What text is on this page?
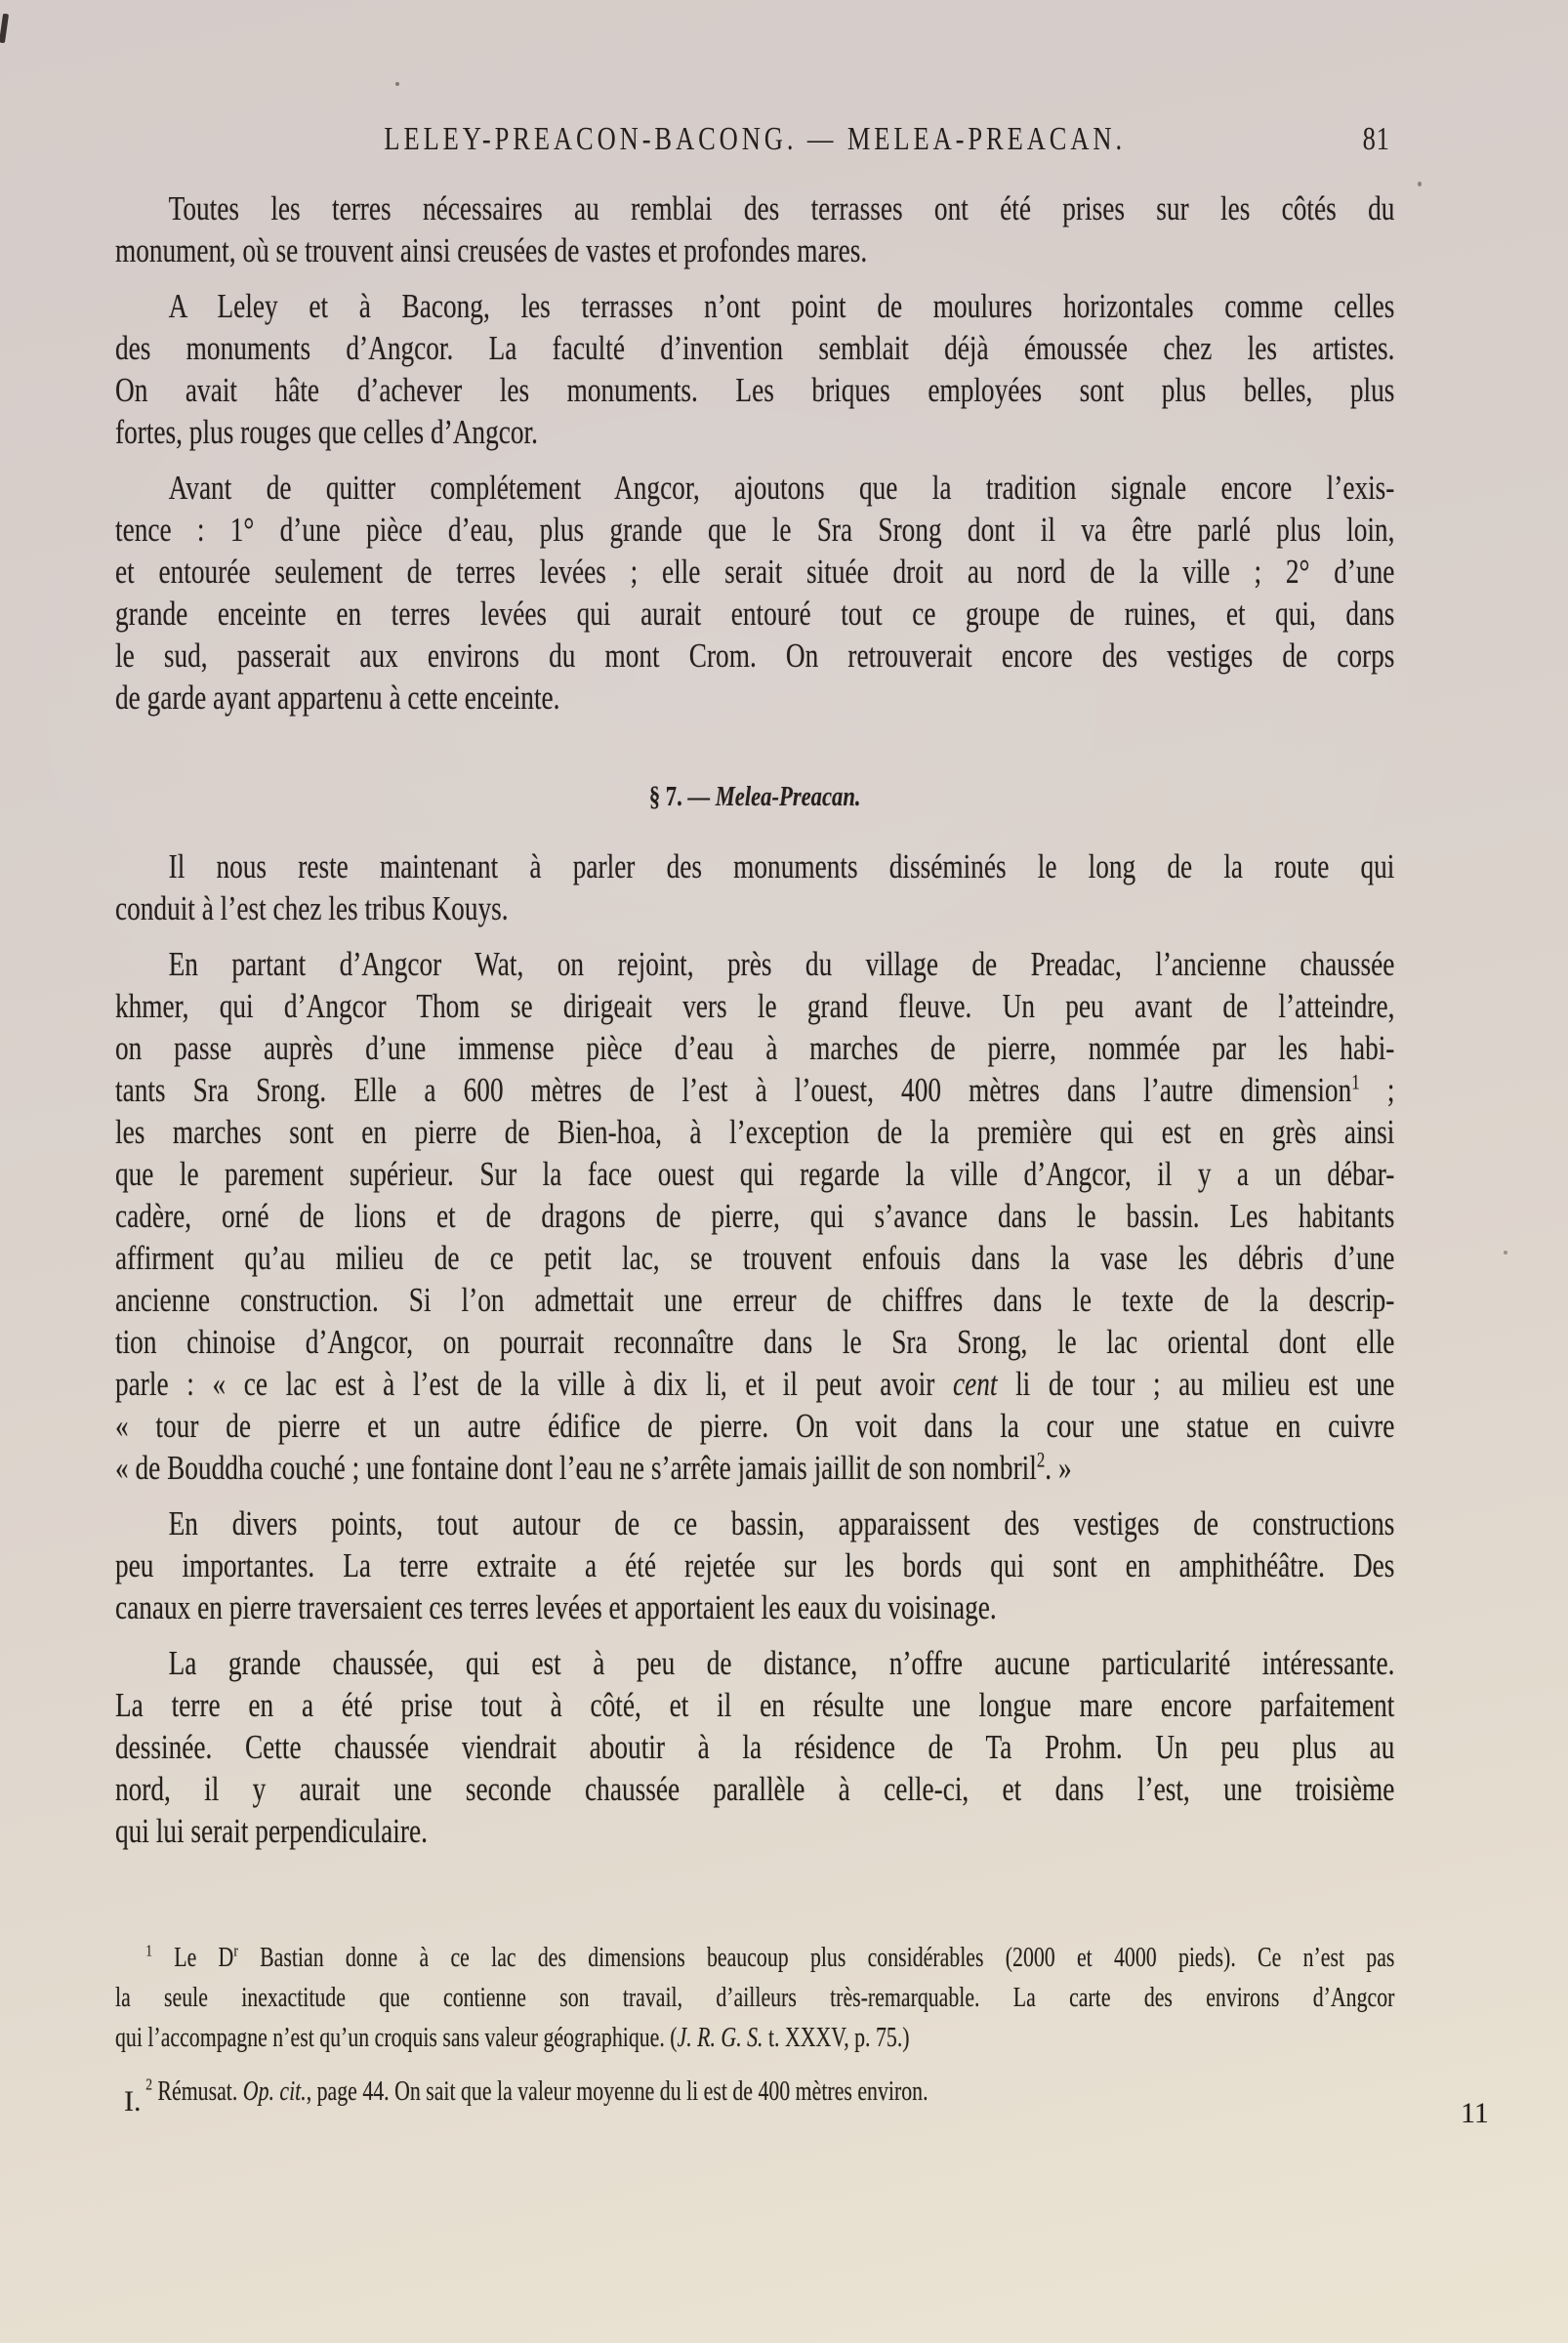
LELEY-PREACON-BACONG. — MELEA-PREACAN.	81
Toutes les terres nécessaires au remblai des terrasses ont été prises sur les côtés du
monument, où se trouvent ainsi creusées de vastes et profondes mares.
A Leley et à Bacong, les terrasses n’ont point de moulures horizontales comme celles
des monuments d’Angcor. La faculté d’invention semblait déjà émoussée chez les artistes.
On avait hâte d’achever les monuments. Les briques employées sont plus belles, plus
fortes, plus rouges que celles d’Angcor.
Avant de quitter complétement Angcor, ajoutons que la tradition signale encore l’exis-
tence : 1° d’une pièce d’eau, plus grande que le Sra Srong dont il va être parlé plus loin,
et entourée seulement de terres levées ; elle serait située droit au nord de la ville ; 2° d’une
grande enceinte en terres levées qui aurait entouré tout ce groupe de ruines, et qui, dans
le sud, passerait aux environs du mont Crom. On retrouverait encore des vestiges de corps
de garde ayant appartenu à cette enceinte.
§ 7. — Melea-Preacan.
Il nous reste maintenant à parler des monuments disséminés le long de la route qui
conduit à l’est chez les tribus Kouys.
En partant d’Angcor Wat, on rejoint, près du village de Preadac, l’ancienne chaussée
khmer, qui d’Angcor Thom se dirigeait vers le grand fleuve. Un peu avant de l’atteindre,
on passe auprès d’une immense pièce d’eau à marches de pierre, nommée par les habi-
tants Sra Srong. Elle a 600 mètres de l’est à l’ouest, 400 mètres dans l’autre dimension$^1$ ;
les marches sont en pierre de Bien-hoa, à l’exception de la première qui est en grès ainsi
que le parement supérieur. Sur la face ouest qui regarde la ville d’Angcor, il y a un débar-
cadère, orné de lions et de dragons de pierre, qui s’avance dans le bassin. Les habitants
affirment qu’au milieu de ce petit lac, se trouvent enfouis dans la vase les débris d’une
ancienne construction. Si l’on admettait une erreur de chiffres dans le texte de la descrip-
tion chinoise d’Angcor, on pourrait reconnaître dans le Sra Srong, le lac oriental dont elle
parle : « ce lac est à l’est de la ville à dix li, et il peut avoir cent li de tour ; au milieu est une
« tour de pierre et un autre édifice de pierre. On voit dans la cour une statue en cuivre
« de Bouddha couché ; une fontaine dont l’eau ne s’arrête jamais jaillit de son nombril$^2$. »
En divers points, tout autour de ce bassin, apparaissent des vestiges de constructions
peu importantes. La terre extraite a été rejetée sur les bords qui sont en amphithéâtre. Des
canaux en pierre traversaient ces terres levées et apportaient les eaux du voisinage.
La grande chaussée, qui est à peu de distance, n’offre aucune particularité intéressante.
La terre en a été prise tout à côté, et il en résulte une longue mare encore parfaitement
dessinée. Cette chaussée viendrait aboutir à la résidence de Ta Prohm. Un peu plus au
nord, il y aurait une seconde chaussée parallèle à celle-ci, et dans l’est, une troisième
qui lui serait perpendiculaire.
$^1$ Le $D^r$ Bastian donne à ce lac des dimensions beaucoup plus considérables (2000 et 4000 pieds). Ce n’est pas
la seule inexactitude que contienne son travail, d’ailleurs très-remarquable. La carte des environs d’Angcor
qui l’accompagne n’est qu’un croquis sans valeur géographique. (J. R. G. S. t. XXXV, p. 75.)
$^2$ Rémusat. Op. cit., page 44. On sait que la valeur moyenne du li est de 400 mètres environ.
I.	11
